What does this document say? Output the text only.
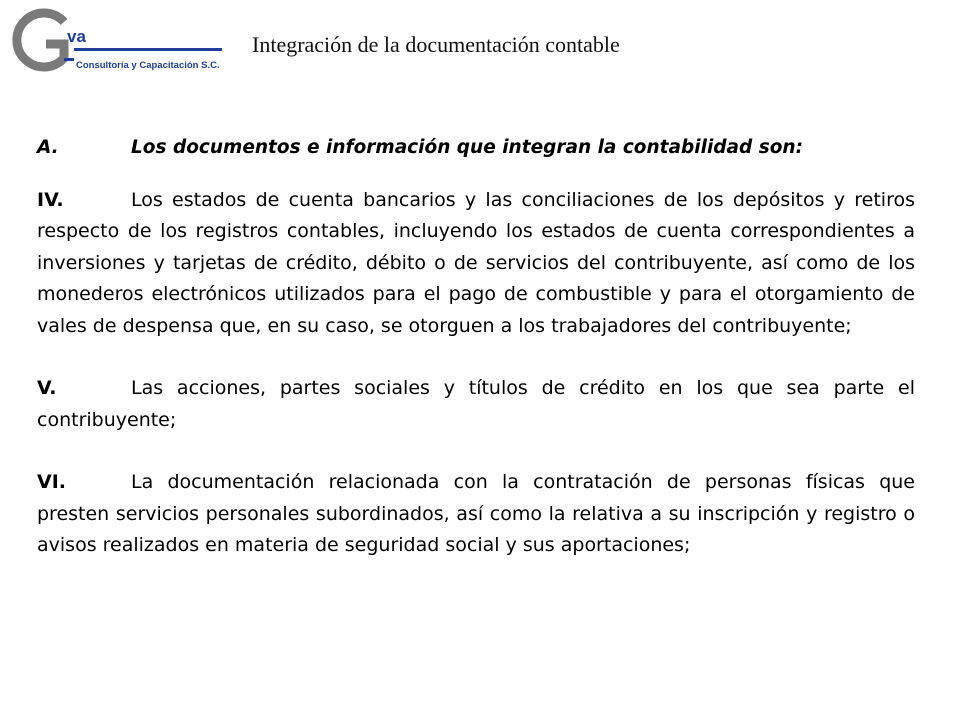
va
Consultoría y Capacitación S.C.
Integración de la documentación contable
A.	Los documentos e información que integran la contabilidad son:

IV.	Los estados de cuenta bancarios y las conciliaciones de los depósitos y retiros respecto de los registros contables, incluyendo los estados de cuenta correspondientes a inversiones y tarjetas de crédito, débito o de servicios del contribuyente, así como de los monederos electrónicos utilizados para el pago de combustible y para el otorgamiento de vales de despensa que, en su caso, se otorguen a los trabajadores del contribuyente;

V.	Las acciones, partes sociales y títulos de crédito en los que sea parte el contribuyente;

VI.	La documentación relacionada con la contratación de personas físicas que presten servicios personales subordinados, así como la relativa a su inscripción y registro o avisos realizados en materia de seguridad social y sus aportaciones;
